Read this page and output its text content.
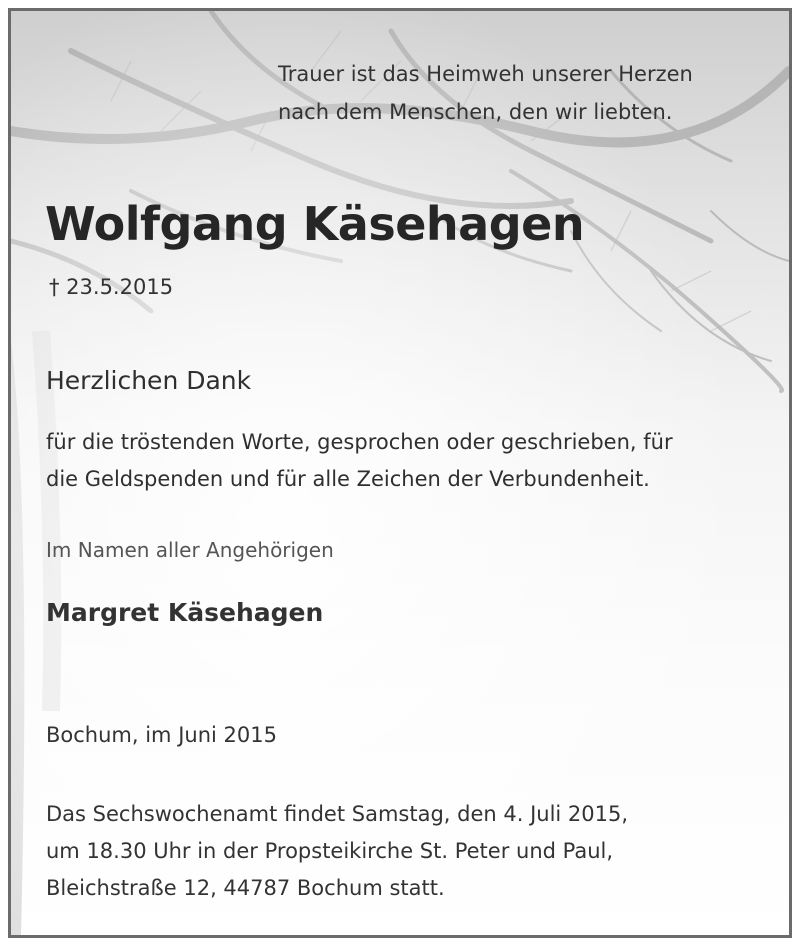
Trauer ist das Heimweh unserer Herzen
nach dem Menschen, den wir liebten.
Wolfgang Käsehagen
† 23.5.2015
Herzlichen Dank
für die tröstenden Worte, gesprochen oder geschrieben, für
die Geldspenden und für alle Zeichen der Verbundenheit.
Im Namen aller Angehörigen
Margret Käsehagen
Bochum, im Juni 2015
Das Sechswochenamt findet Samstag, den 4. Juli 2015,
um 18.30 Uhr in der Propsteikirche St. Peter und Paul,
Bleichstraße 12, 44787 Bochum statt.
